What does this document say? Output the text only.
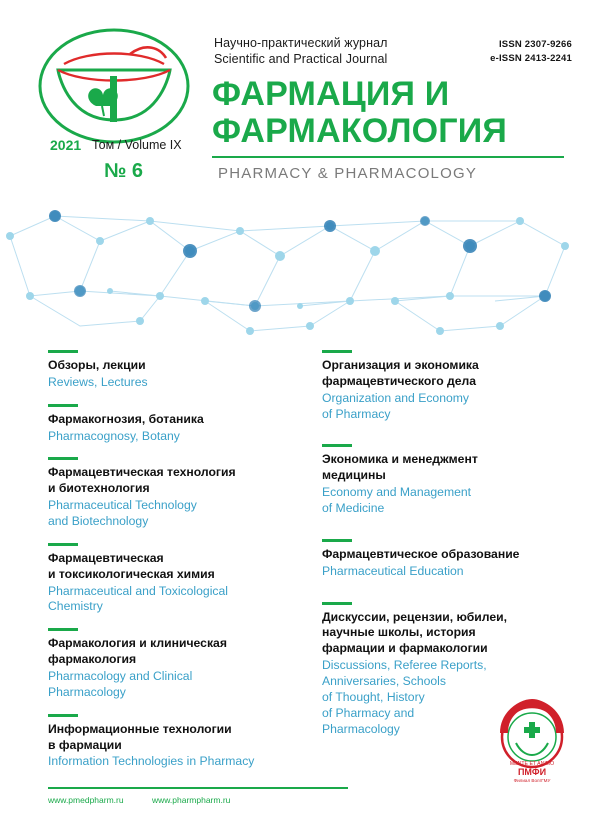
ISSN 2307-9266
e-ISSN 2413-2241
Научно-практический журнал
Scientific and Practical Journal
ФАРМАЦИЯ И
ФАРМАКОЛОГИЯ
PHARMACY & PHARMACOLOGY
2021 Том / Volume IX
№ 6

Обзоры, лекции

Reviews, Lectures

Фармакогнозия, ботаника

Pharmacognosy, Botany

Фармацевтическая технология
и биотехнология

Pharmaceutical Technology
and Biotechnology

Фармацевтическая
и токсикологическая химия

Pharmaceutical and Toxicological
Chemistry

Фармакология и клиническая
фармакология

Pharmacology and Clinical
Pharmacology

Информационные технологии
в фармации

Information Technologies in Pharmacy

Организация и экономика
фармацевтического дела

Organization and Economy
of Pharmacy

Экономика и менеджмент
медицины

Economy and Management
of Medicine

Фармацевтическое образование

Pharmaceutical Education

Дискуссии, рецензии, юбилеи,
научные школы, история
фармации и фармакологии

Discussions, Referee Reports,
Anniversaries, Schools
of Thought, History
of Pharmacy and
Pharmacology

MENTE ET ANIMO
ПМФИ
Филиал ВолгГМУ
www.pmedpharm.ru	www.pharmpharm.ru
